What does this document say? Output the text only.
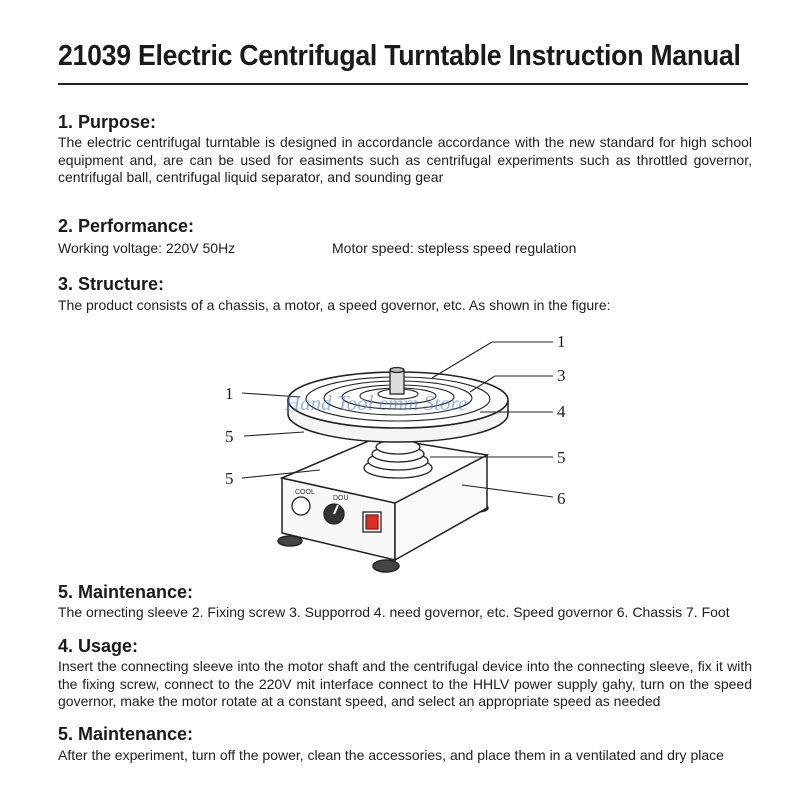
21039 Electric Centrifugal Turntable Instruction Manual
1. Purpose:
The electric centrifugal turntable is designed in accordancle accordance with the new standard for high school equipment and, are can be used for easiments such as centrifugal experiments such as throttled governor, centrifugal ball, centrifugal liquid separator, and sounding gear
2. Performance:
Working voltage: 220V 50Hz	Motor speed: stepless speed regulation
3. Structure:
The product consists of a chassis, a motor, a speed governor, etc. As shown in the figure:
COOL
DOU
1
5
5
1
3
4
5
6
Hand Tool emm Store
5. Maintenance:
The ornecting sleeve 2. Fixing screw 3. Supporrod 4. need governor, etc. Speed governor 6. Chassis 7. Foot
4. Usage:
Insert the connecting sleeve into the motor shaft and the centrifugal device into the connecting sleeve, fix it with the fixing screw, connect to the 220V mit interface connect to the HHLV power supply gahy, turn on the speed governor, make the motor rotate at a constant speed, and select an appropriate speed as needed
5. Maintenance:
After the experiment, turn off the power, clean the accessories, and place them in a ventilated and dry place
